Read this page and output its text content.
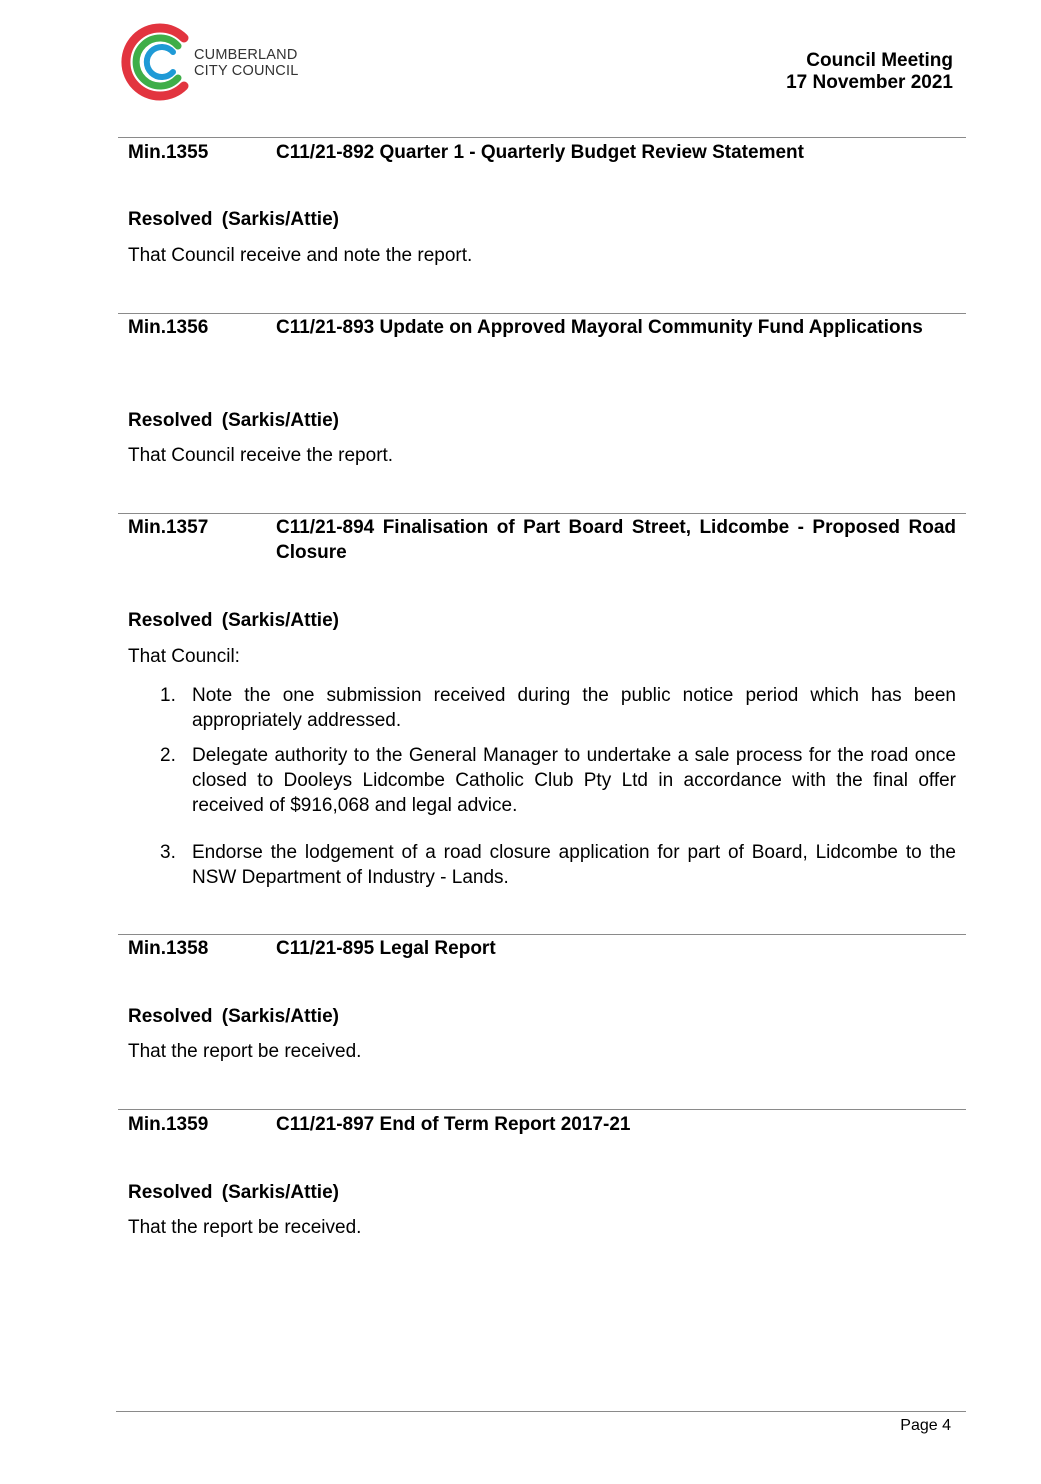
CUMBERLAND
CITY COUNCIL	Council Meeting
17 November 2021
Min.1355	C11/21-892 Quarter 1 - Quarterly Budget Review Statement
Resolved (Sarkis/Attie)
That Council receive and note the report.
Min.1356	C11/21-893 Update on Approved Mayoral Community Fund Applications
Resolved (Sarkis/Attie)
That Council receive the report.
Min.1357	C11/21-894 Finalisation of Part Board Street, Lidcombe - Proposed Road Closure
Resolved (Sarkis/Attie)
That Council:
1. Note the one submission received during the public notice period which has been appropriately addressed.
2. Delegate authority to the General Manager to undertake a sale process for the road once closed to Dooleys Lidcombe Catholic Club Pty Ltd in accordance with the final offer received of $916,068 and legal advice.
3. Endorse the lodgement of a road closure application for part of Board, Lidcombe to the NSW Department of Industry - Lands.
Min.1358	C11/21-895 Legal Report
Resolved (Sarkis/Attie)
That the report be received.
Min.1359	C11/21-897 End of Term Report 2017-21
Resolved (Sarkis/Attie)
That the report be received.
Page 4
